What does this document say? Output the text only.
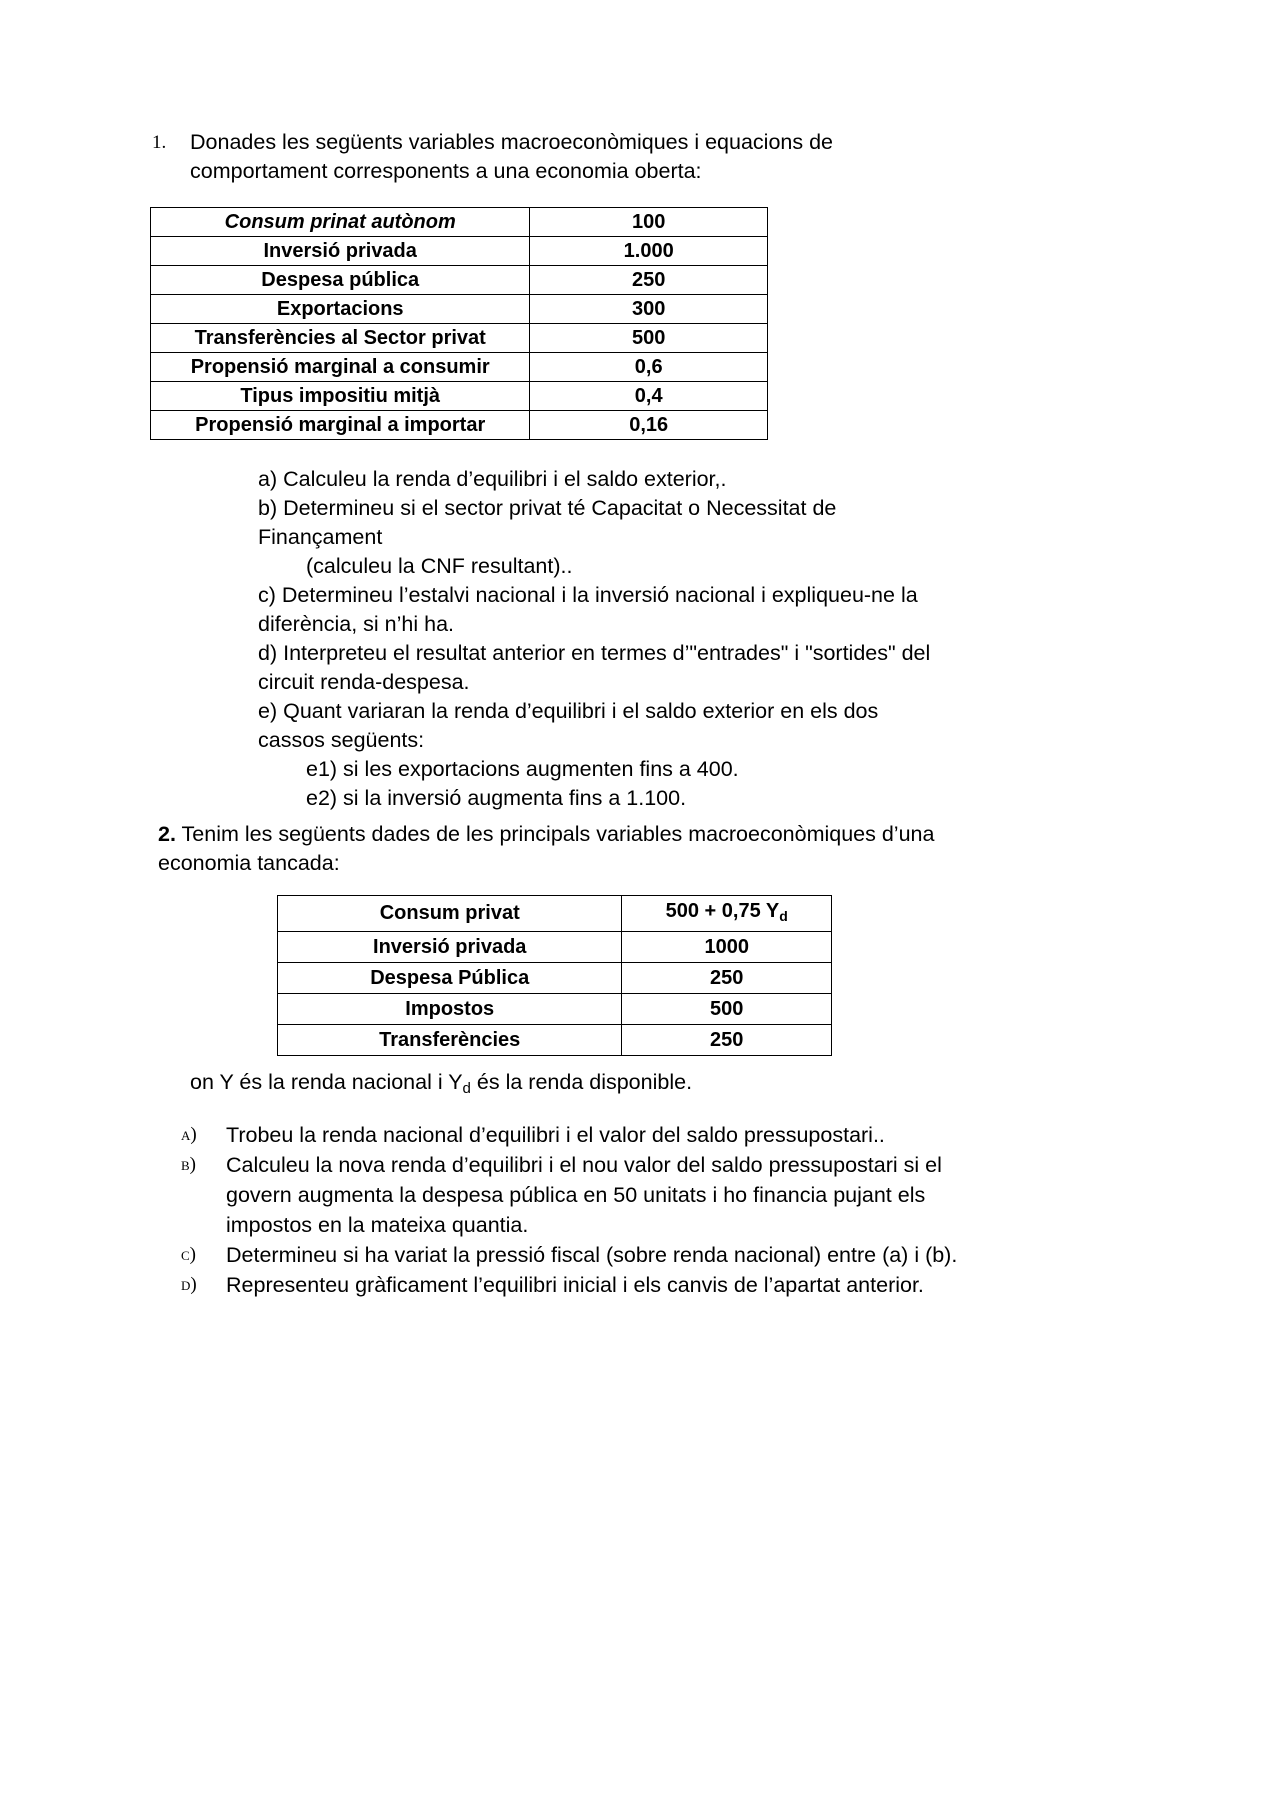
1. Donades les següents variables macroeconòmiques i equacions de
comportament corresponents a una economia oberta:
Consum prinat autònom	100
Inversió privada	1.000
Despesa pública	250
Exportacions	300
Transferències al Sector privat	500
Propensió marginal a consumir	0,6
Tipus impositiu mitjà	0,4
Propensió marginal a importar	0,16
a) Calculeu la renda d’equilibri i el saldo exterior,.
b) Determineu si el sector privat té Capacitat o Necessitat de
Finançament
(calculeu la CNF resultant)..
c) Determineu l’estalvi nacional i la inversió nacional i expliqueu-ne la
diferència, si n’hi ha.
d) Interpreteu el resultat anterior en termes d’"entrades" i "sortides" del
circuit renda-despesa.
e) Quant variaran la renda d’equilibri i el saldo exterior en els dos
cassos següents:
e1) si les exportacions augmenten fins a 400.
e2) si la inversió augmenta fins a 1.100.
2. Tenim les següents dades de les principals variables macroeconòmiques d’una
economia tancada:
Consum privat	500 + 0,75 $Y_d$
Inversió privada	1000
Despesa Pública	250
Impostos	500
Transferències	250
on Y és la renda nacional i $Y_d$ és la renda disponible.
a) Trobeu la renda nacional d’equilibri i el valor del saldo pressupostari..
b) Calculeu la nova renda d’equilibri i el nou valor del saldo pressupostari si el
govern augmenta la despesa pública en 50 unitats i ho financia pujant els
impostos en la mateixa quantia.
c) Determineu si ha variat la pressió fiscal (sobre renda nacional) entre (a) i (b).
d) Representeu gràficament l’equilibri inicial i els canvis de l’apartat anterior.
